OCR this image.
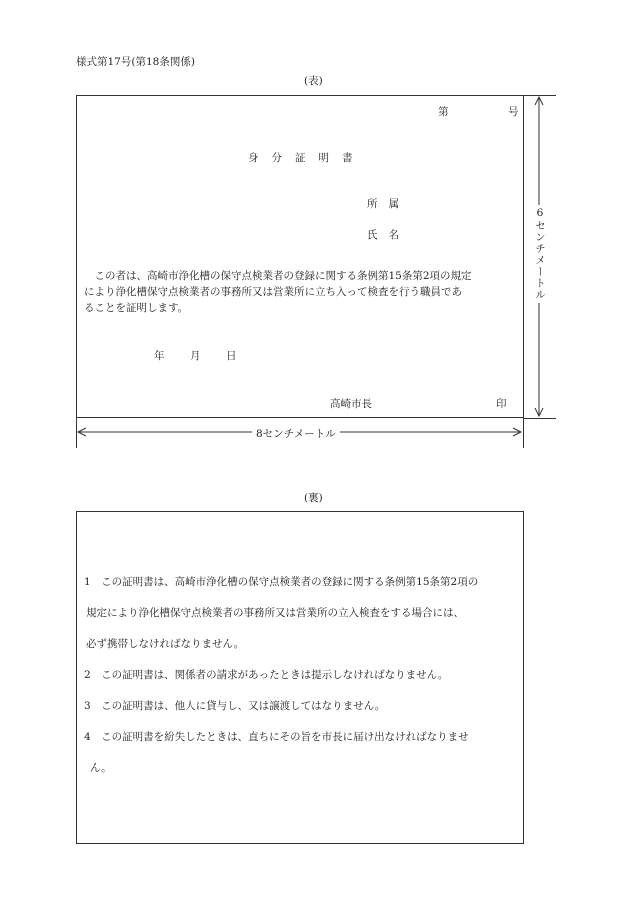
様式第17号(第18条関係)
(表)
第	号
身分証明書
所属
氏名
　この者は、高崎市浄化槽の保守点検業者の登録に関する条例第15条第2項の規定
により浄化槽保守点検業者の事務所又は営業所に立ち入って検査を行う職員であ
ることを証明します。
年 月 日
高崎市長	印
6センチメートル
8センチメートル
(裏)
1　この証明書は、高崎市浄化槽の保守点検業者の登録に関する条例第15条第2項の
規定により浄化槽保守点検業者の事務所又は営業所の立入検査をする場合には、
必ず携帯しなければなりません。
2　この証明書は、関係者の請求があったときは提示しなければなりません。
3　この証明書は、他人に貸与し、又は譲渡してはなりません。
4　この証明書を紛失したときは、直ちにその旨を市長に届け出なければなりませ
ん。
